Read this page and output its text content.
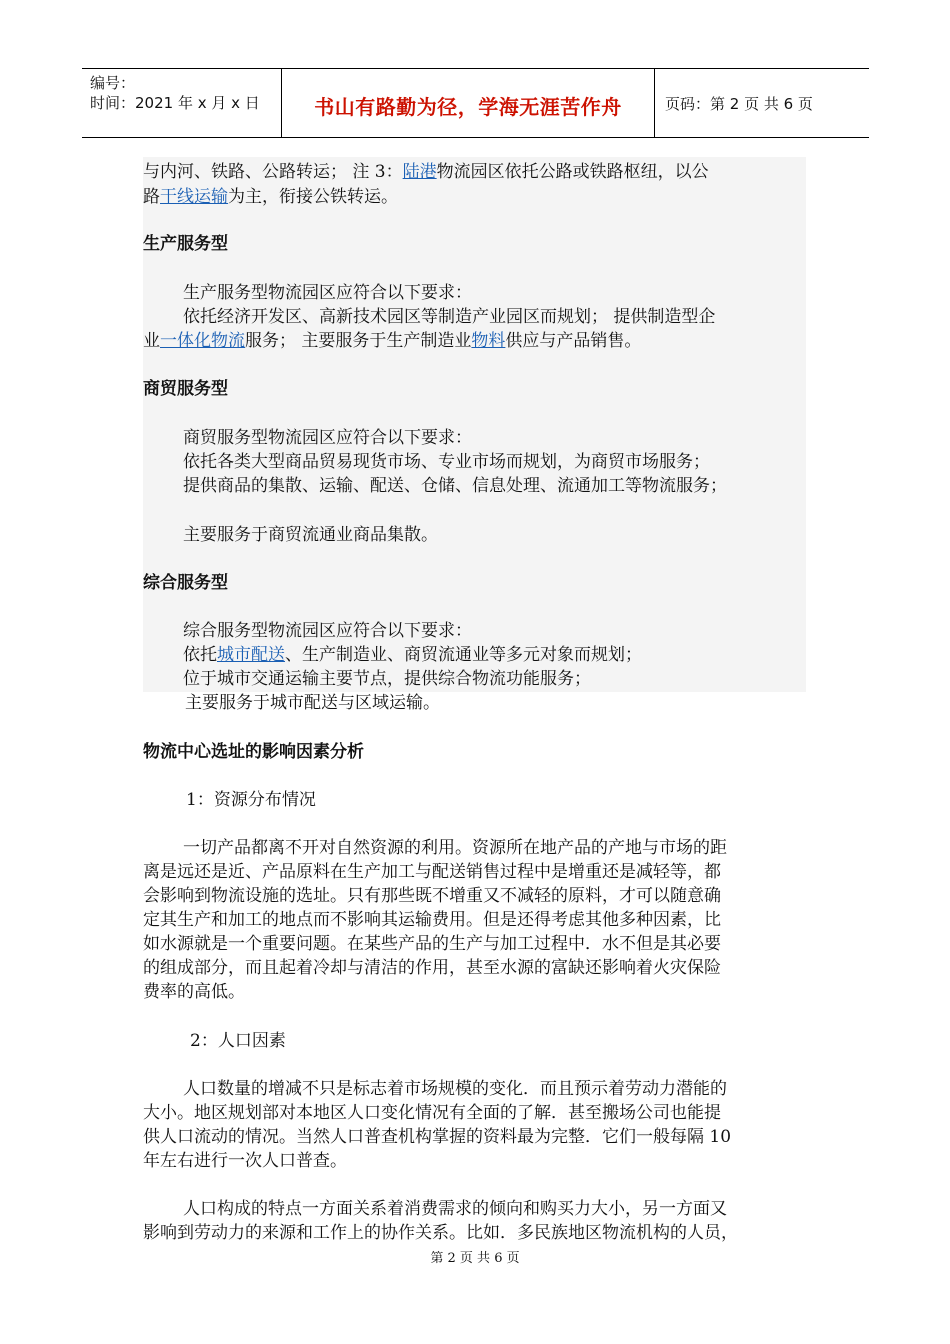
编号：
时间：2021 年 x 月 x 日	书山有路勤为径，学海无涯苦作舟	页码：第 2 页 共 6 页
与内河、铁路、公路转运； 注 3：陆港物流园区依托公路或铁路枢纽，以公
路干线运输为主，衔接公铁转运。
生产服务型
生产服务型物流园区应符合以下要求：
依托经济开发区、高新技术园区等制造产业园区而规划； 提供制造型企
业一体化物流服务； 主要服务于生产制造业物料供应与产品销售。
商贸服务型
商贸服务型物流园区应符合以下要求：
依托各类大型商品贸易现货市场、专业市场而规划，为商贸市场服务；
提供商品的集散、运输、配送、仓储、信息处理、流通加工等物流服务；
主要服务于商贸流通业商品集散。
综合服务型
综合服务型物流园区应符合以下要求：
依托城市配送、生产制造业、商贸流通业等多元对象而规划；
位于城市交通运输主要节点，提供综合物流功能服务；
主要服务于城市配送与区域运输。
物流中心选址的影响因素分析
1：资源分布情况
一切产品都离不开对自然资源的利用。资源所在地产品的产地与市场的距
离是远还是近、产品原料在生产加工与配送销售过程中是增重还是减轻等，都
会影响到物流设施的选址。只有那些既不增重又不减轻的原料，才可以随意确
定其生产和加工的地点而不影响其运输费用。但是还得考虑其他多种因素，比
如水源就是一个重要问题。在某些产品的生产与加工过程中．水不但是其必要
的组成部分，而且起着冷却与清洁的作用，甚至水源的富缺还影响着火灾保险
费率的高低。
2：人口因素
人口数量的增减不只是标志着市场规模的变化．而且预示着劳动力潜能的
大小。地区规划部对本地区人口变化情况有全面的了解．甚至搬场公司也能提
供人口流动的情况。当然人口普查机构掌握的资料最为完整．它们一般每隔 10
年左右进行一次人口普查。
人口构成的特点一方面关系着消费需求的倾向和购买力大小，另一方面又
影响到劳动力的来源和工作上的协作关系。比如．多民族地区物流机构的人员，
第 2 页 共 6 页
